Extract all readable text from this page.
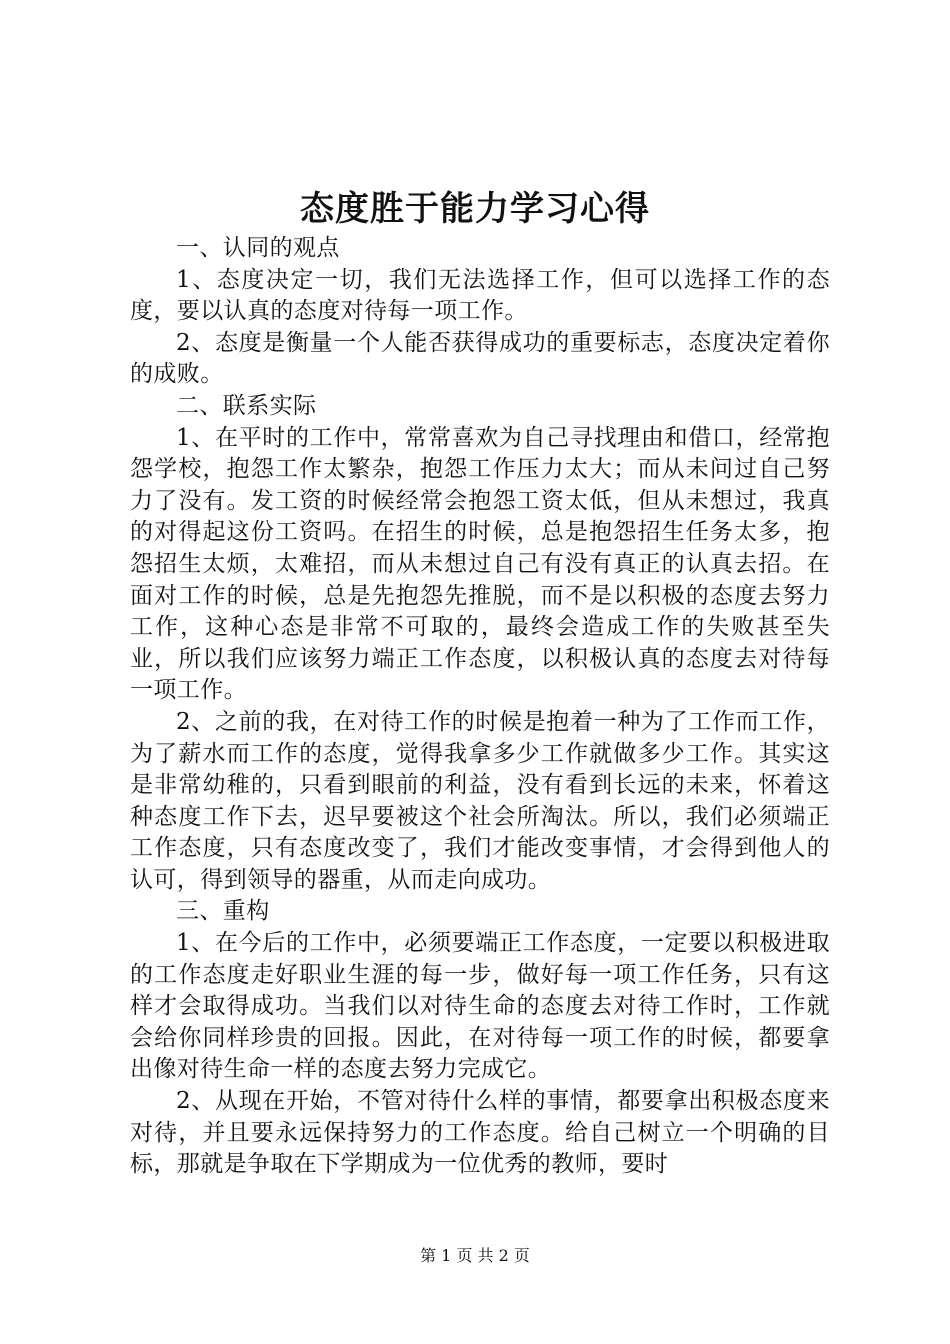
态度胜于能力学习心得

一、认同的观点

1、态度决定一切，我们无法选择工作，但可以选择工作的态度，要以认真的态度对待每一项工作。

2、态度是衡量一个人能否获得成功的重要标志，态度决定着你的成败。

二、联系实际

1、在平时的工作中，常常喜欢为自己寻找理由和借口，经常抱怨学校，抱怨工作太繁杂，抱怨工作压力太大；而从未问过自己努力了没有。发工资的时候经常会抱怨工资太低，但从未想过，我真的对得起这份工资吗。在招生的时候，总是抱怨招生任务太多，抱怨招生太烦，太难招，而从未想过自己有没有真正的认真去招。在面对工作的时候，总是先抱怨先推脱，而不是以积极的态度去努力工作，这种心态是非常不可取的，最终会造成工作的失败甚至失业，所以我们应该努力端正工作态度，以积极认真的态度去对待每一项工作。

2、之前的我，在对待工作的时候是抱着一种为了工作而工作，为了薪水而工作的态度，觉得我拿多少工作就做多少工作。其实这是非常幼稚的，只看到眼前的利益，没有看到长远的未来，怀着这种态度工作下去，迟早要被这个社会所淘汰。所以，我们必须端正工作态度，只有态度改变了，我们才能改变事情，才会得到他人的认可，得到领导的器重，从而走向成功。

三、重构

1、在今后的工作中，必须要端正工作态度，一定要以积极进取的工作态度走好职业生涯的每一步，做好每一项工作任务，只有这样才会取得成功。当我们以对待生命的态度去对待工作时，工作就会给你同样珍贵的回报。因此，在对待每一项工作的时候，都要拿出像对待生命一样的态度去努力完成它。

2、从现在开始，不管对待什么样的事情，都要拿出积极态度来对待，并且要永远保持努力的工作态度。给自己树立一个明确的目标，那就是争取在下学期成为一位优秀的教师，要时

第 1 页 共 2 页
